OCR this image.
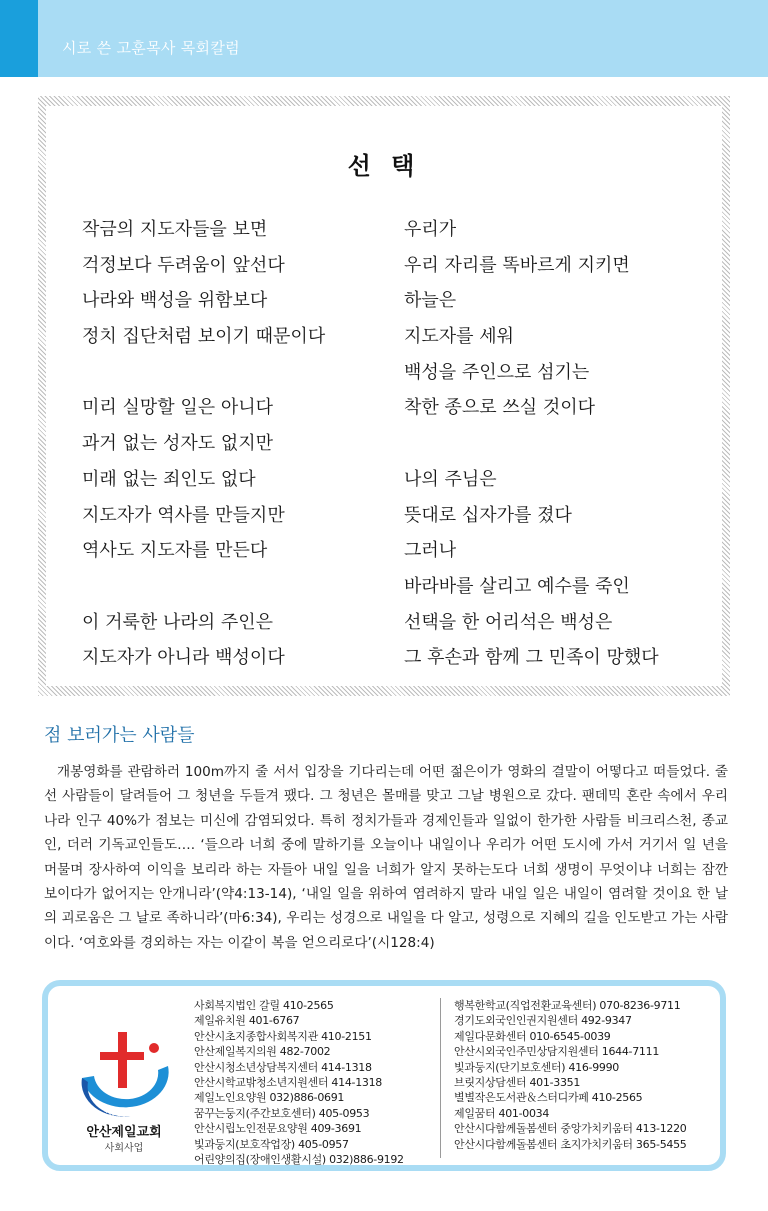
시로 쓴 고훈목사 목회칼럼
선 택
작금의 지도자들을 보면
걱정보다 두려움이 앞선다
나라와 백성을 위함보다
정치 집단처럼 보이기 때문이다
미리 실망할 일은 아니다
과거 없는 성자도 없지만
미래 없는 죄인도 없다
지도자가 역사를 만들지만
역사도 지도자를 만든다
이 거룩한 나라의 주인은
지도자가 아니라 백성이다
우리가
우리 자리를 똑바르게 지키면
하늘은
지도자를 세워
백성을 주인으로 섬기는
착한 종으로 쓰실 것이다
나의 주님은
뜻대로 십자가를 졌다
그러나
바라바를 살리고 예수를 죽인
선택을 한 어리석은 백성은
그 후손과 함께 그 민족이 망했다
점 보러가는 사람들

개봉영화를 관람하러 100m까지 줄 서서 입장을 기다리는데 어떤 젊은이가 영화의 결말이 어떻다고 떠들었다. 줄선 사람들이 달려들어 그 청년을 두들겨 팼다. 그 청년은 몰매를 맞고 그날 병원으로 갔다. 팬데믹 혼란 속에서 우리나라 인구 40%가 점보는 미신에 감염되었다. 특히 정치가들과 경제인들과 일없이 한가한 사람들 비크리스천, 종교인, 더러 기독교인들도…. ‘들으라 너희 중에 말하기를 오늘이나 내일이나 우리가 어떤 도시에 가서 거기서 일 년을 머물며 장사하여 이익을 보리라 하는 자들아 내일 일을 너희가 알지 못하는도다 너희 생명이 무엇이냐 너희는 잠깐 보이다가 없어지는 안개니라’(약4:13-14), ‘내일 일을 위하여 염려하지 말라 내일 일은 내일이 염려할 것이요 한 날의 괴로움은 그 날로 족하니라’(마6:34), 우리는 성경으로 내일을 다 알고, 성령으로 지혜의 길을 인도받고 가는 사람이다. ‘여호와를 경외하는 자는 이같이 복을 얻으리로다’(시128:4)

ANSAN JEIL CHURCH
안산제일교회
사회사업
사회복지법인 갈릴 410-2565
제일유치원 401-6767
안산시초지종합사회복지관 410-2151
안산제일복지의원 482-7002
안산시청소년상담복지센터 414-1318
안산시학교밖청소년지원센터 414-1318
제일노인요양원 032)886-0691
꿈꾸는둥지(주간보호센터) 405-0953
안산시립노인전문요양원 409-3691
빛과둥지(보호작업장) 405-0957
어린양의집(장애인생활시설) 032)886-9192
행복한학교(직업전환교육센터) 070-8236-9711
경기도외국인인권지원센터 492-9347
제일다문화센터 010-6545-0039
안산시외국인주민상담지원센터 1644-7111
빛과둥지(단기보호센터) 416-9990
브릿지상담센터 401-3351
별별작은도서관＆스터디카페 410-2565
제일꿈터 401-0034
안산시다함께돌봄센터 중앙가치키움터 413-1220
안산시다함께돌봄센터 초지가치키움터 365-5455
